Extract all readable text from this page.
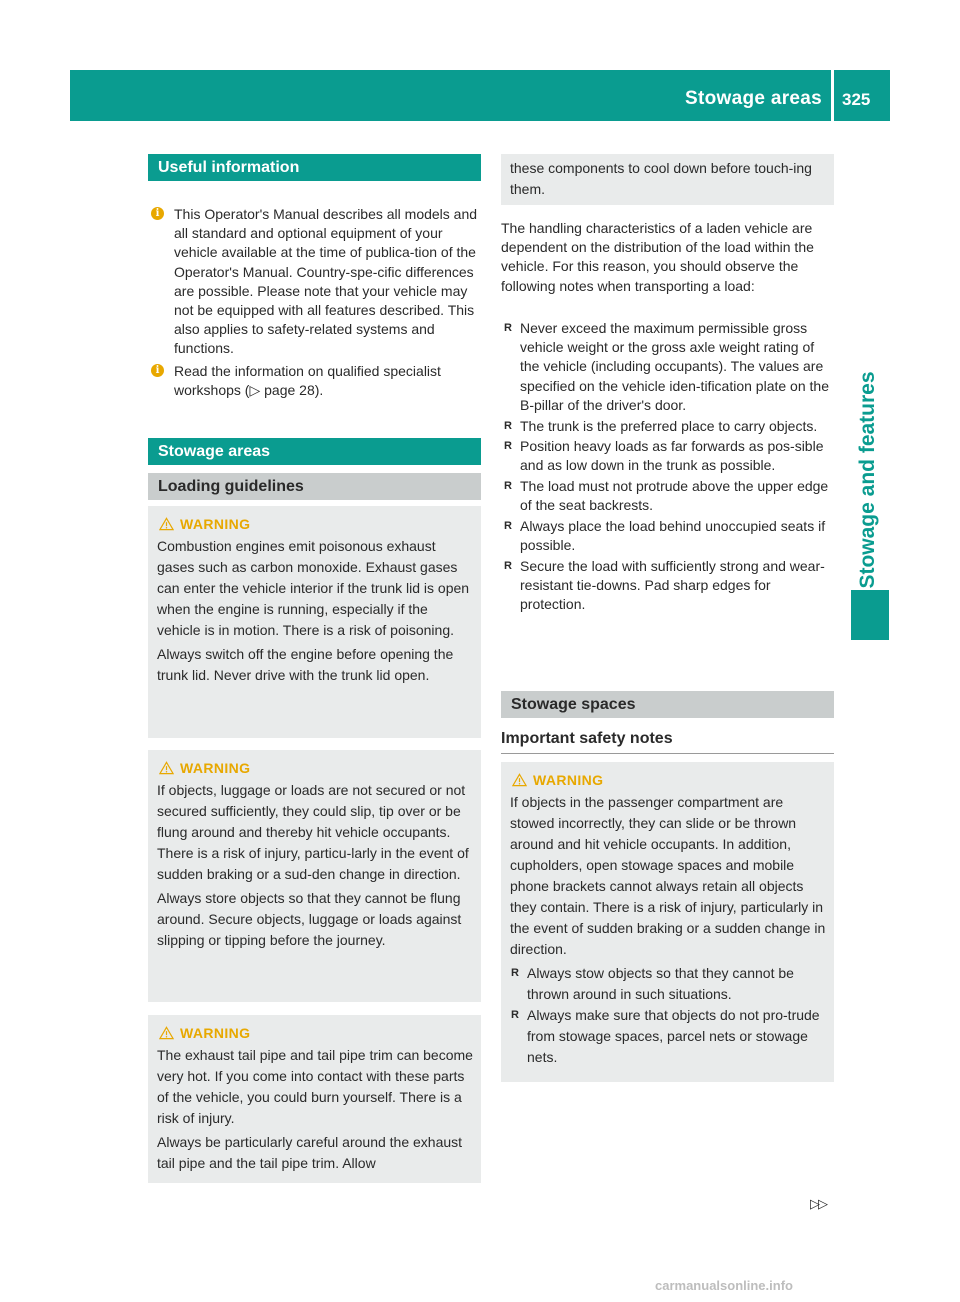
Stowage areas 325
Stowage and features
Useful information
i	This Operator's Manual describes all models and all standard and optional equipment of your vehicle available at the time of publica-tion of the Operator's Manual. Country-spe-cific differences are possible. Please note that your vehicle may not be equipped with all features described. This also applies to safety-related systems and functions.
i	Read the information on qualified specialist workshops (▷ page 28).
Stowage areas
Loading guidelines
WARNING

Combustion engines emit poisonous exhaust gases such as carbon monoxide. Exhaust gases can enter the vehicle interior if the trunk lid is open when the engine is running, especially if the vehicle is in motion. There is a risk of poisoning.

Always switch off the engine before opening the trunk lid. Never drive with the trunk lid open.

WARNING

If objects, luggage or loads are not secured or not secured sufficiently, they could slip, tip over or be flung around and thereby hit vehicle occupants. There is a risk of injury, particu-larly in the event of sudden braking or a sud-den change in direction.

Always store objects so that they cannot be flung around. Secure objects, luggage or loads against slipping or tipping before the journey.

WARNING

The exhaust tail pipe and tail pipe trim can become very hot. If you come into contact with these parts of the vehicle, you could burn yourself. There is a risk of injury.

Always be particularly careful around the exhaust tail pipe and the tail pipe trim. Allow

these components to cool down before touch-ing them.

The handling characteristics of a laden vehicle are dependent on the distribution of the load within the vehicle. For this reason, you should observe the following notes when transporting a load:
R Never exceed the maximum permissible gross vehicle weight or the gross axle weight rating of the vehicle (including occupants). The values are specified on the vehicle iden-tification plate on the B-pillar of the driver's door.
R The trunk is the preferred place to carry objects.
R Position heavy loads as far forwards as pos-sible and as low down in the trunk as possible.
R The load must not protrude above the upper edge of the seat backrests.
R Always place the load behind unoccupied seats if possible.
R Secure the load with sufficiently strong and wear-resistant tie-downs. Pad sharp edges for protection.
Stowage spaces
Important safety notes
WARNING

If objects in the passenger compartment are stowed incorrectly, they can slide or be thrown around and hit vehicle occupants. In addition, cupholders, open stowage spaces and mobile phone brackets cannot always retain all objects they contain. There is a risk of injury, particularly in the event of sudden braking or a sudden change in direction.

R Always stow objects so that they cannot be thrown around in such situations.
R Always make sure that objects do not pro-trude from stowage spaces, parcel nets or stowage nets.
▷▷
carmanualsonline.info
